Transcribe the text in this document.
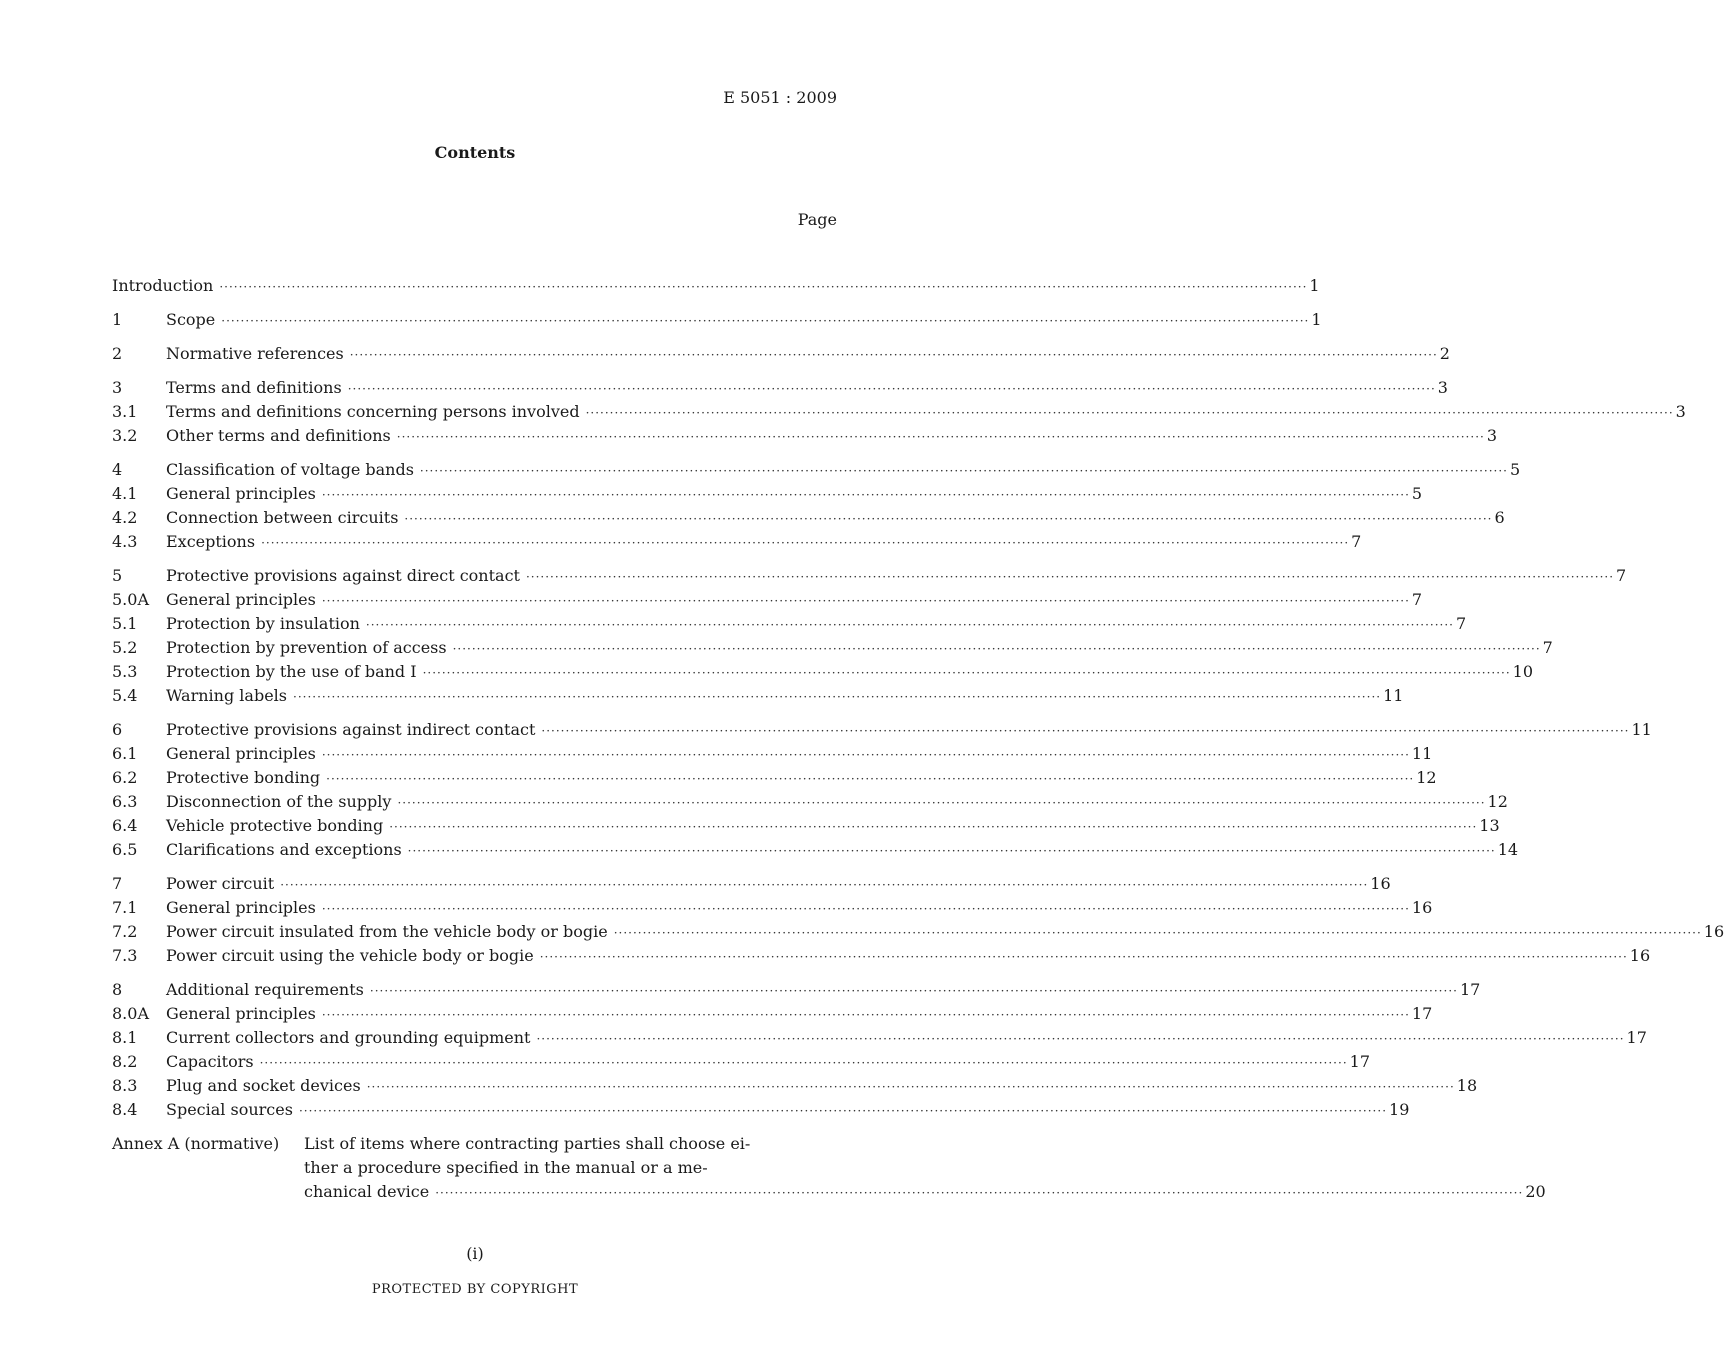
E 5051 : 2009
Contents
Page
Introduction ·····	1
1	Scope ·····	1
2	Normative references ·····	2
3	Terms and definitions ·····	3
3.1	Terms and definitions concerning persons involved ·····	3
3.2	Other terms and definitions ·····	3
4	Classification of voltage bands ·····	5
4.1	General principles ·····	5
4.2	Connection between circuits ·····	6
4.3	Exceptions ·····	7
5	Protective provisions against direct contact ·····	7
5.0A	General principles ·····	7
5.1	Protection by insulation ·····	7
5.2	Protection by prevention of access ·····	7
5.3	Protection by the use of band I ·····	10
5.4	Warning labels ·····	11
6	Protective provisions against indirect contact ·····	11
6.1	General principles ·····	11
6.2	Protective bonding ·····	12
6.3	Disconnection of the supply ·····	12
6.4	Vehicle protective bonding ·····	13
6.5	Clarifications and exceptions ·····	14
7	Power circuit ·····	16
7.1	General principles ·····	16
7.2	Power circuit insulated from the vehicle body or bogie ·····	16
7.3	Power circuit using the vehicle body or bogie ·····	16
8	Additional requirements ·····	17
8.0A	General principles ·····	17
8.1	Current collectors and grounding equipment ·····	17
8.2	Capacitors ·····	17
8.3	Plug and socket devices ·····	18
8.4	Special sources ·····	19
Annex A (normative)	List of items where contracting parties shall choose ei-
ther a procedure specified in the manual or a me-
chanical device ·····	20
(i)
PROTECTED BY COPYRIGHT
